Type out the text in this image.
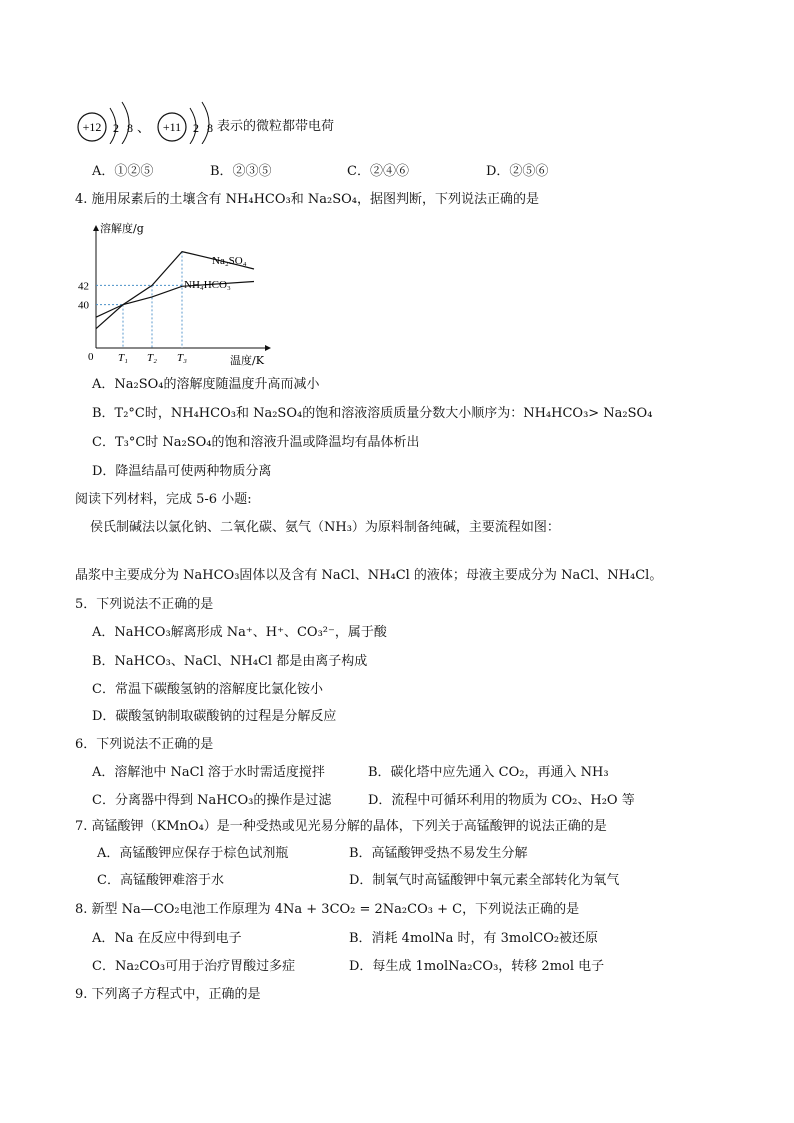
+12 2 8 、 +11 2 8 表示的微粒都带电荷
A．①②⑤	B．②③⑤	C．②④⑥	D．②⑤⑥
4. 施用尿素后的土壤含有 NH₄HCO₃和 Na₂SO₄，据图判断，下列说法正确的是
溶解度/g
温度/K
0
40
42
T₁ T₂ T₃
Na₂SO₄
NH₄HCO₃
A．Na₂SO₄的溶解度随温度升高而减小
B．T₂°C时，NH₄HCO₃和 Na₂SO₄的饱和溶液溶质质量分数大小顺序为：NH₄HCO₃> Na₂SO₄
C．T₃°C时 Na₂SO₄的饱和溶液升温或降温均有晶体析出
D．降温结晶可使两种物质分离
阅读下列材料，完成 5-6 小题:
侯氏制碱法以氯化钠、二氧化碳、氨气（NH₃）为原料制备纯碱，主要流程如图：
晶浆中主要成分为 NaHCO₃固体以及含有 NaCl、NH₄Cl 的液体；母液主要成分为 NaCl、NH₄Cl。
5．下列说法不正确的是
A．NaHCO₃解离形成 Na⁺、H⁺、CO₃²⁻，属于酸
B．NaHCO₃、NaCl、NH₄Cl 都是由离子构成
C．常温下碳酸氢钠的溶解度比氯化铵小
D．碳酸氢钠制取碳酸钠的过程是分解反应
6．下列说法不正确的是
A．溶解池中 NaCl 溶于水时需适度搅拌	B．碳化塔中应先通入 CO₂，再通入 NH₃
C．分离器中得到 NaHCO₃的操作是过滤	D．流程中可循环利用的物质为 CO₂、H₂O 等
7. 高锰酸钾（KMnO₄）是一种受热或见光易分解的晶体，下列关于高锰酸钾的说法正确的是
A．高锰酸钾应保存于棕色试剂瓶	B．高锰酸钾受热不易发生分解
C．高锰酸钾难溶于水	D．制氧气时高锰酸钾中氧元素全部转化为氧气
8. 新型 Na—CO₂电池工作原理为 4Na + 3CO₂ = 2Na₂CO₃ + C，下列说法正确的是
A．Na 在反应中得到电子	B．消耗 4molNa 时，有 3molCO₂被还原
C．Na₂CO₃可用于治疗胃酸过多症	D．每生成 1molNa₂CO₃，转移 2mol 电子
9. 下列离子方程式中，正确的是
